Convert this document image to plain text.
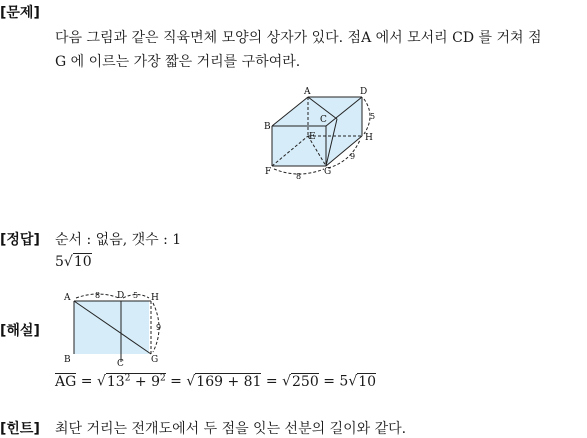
[문제]
다음 그림과 같은 직육면체 모양의 상자가 있다. 점A 에서 모서리 CD 를 거쳐 점
G 에 이르는 가장 짧은 거리를 구하여라.
A	D
B
C
E	H
F	G
8
9
5
[정답] 순서 : 없음, 갯수 : 1
5√10
[해설]
A	D	H
B	C	G
8	5
9
AG = $√13^2 + 9^2 = √169 + 81 = √250 = 5√10$
[힌트] 최단 거리는 전개도에서 두 점을 잇는 선분의 길이와 같다.
